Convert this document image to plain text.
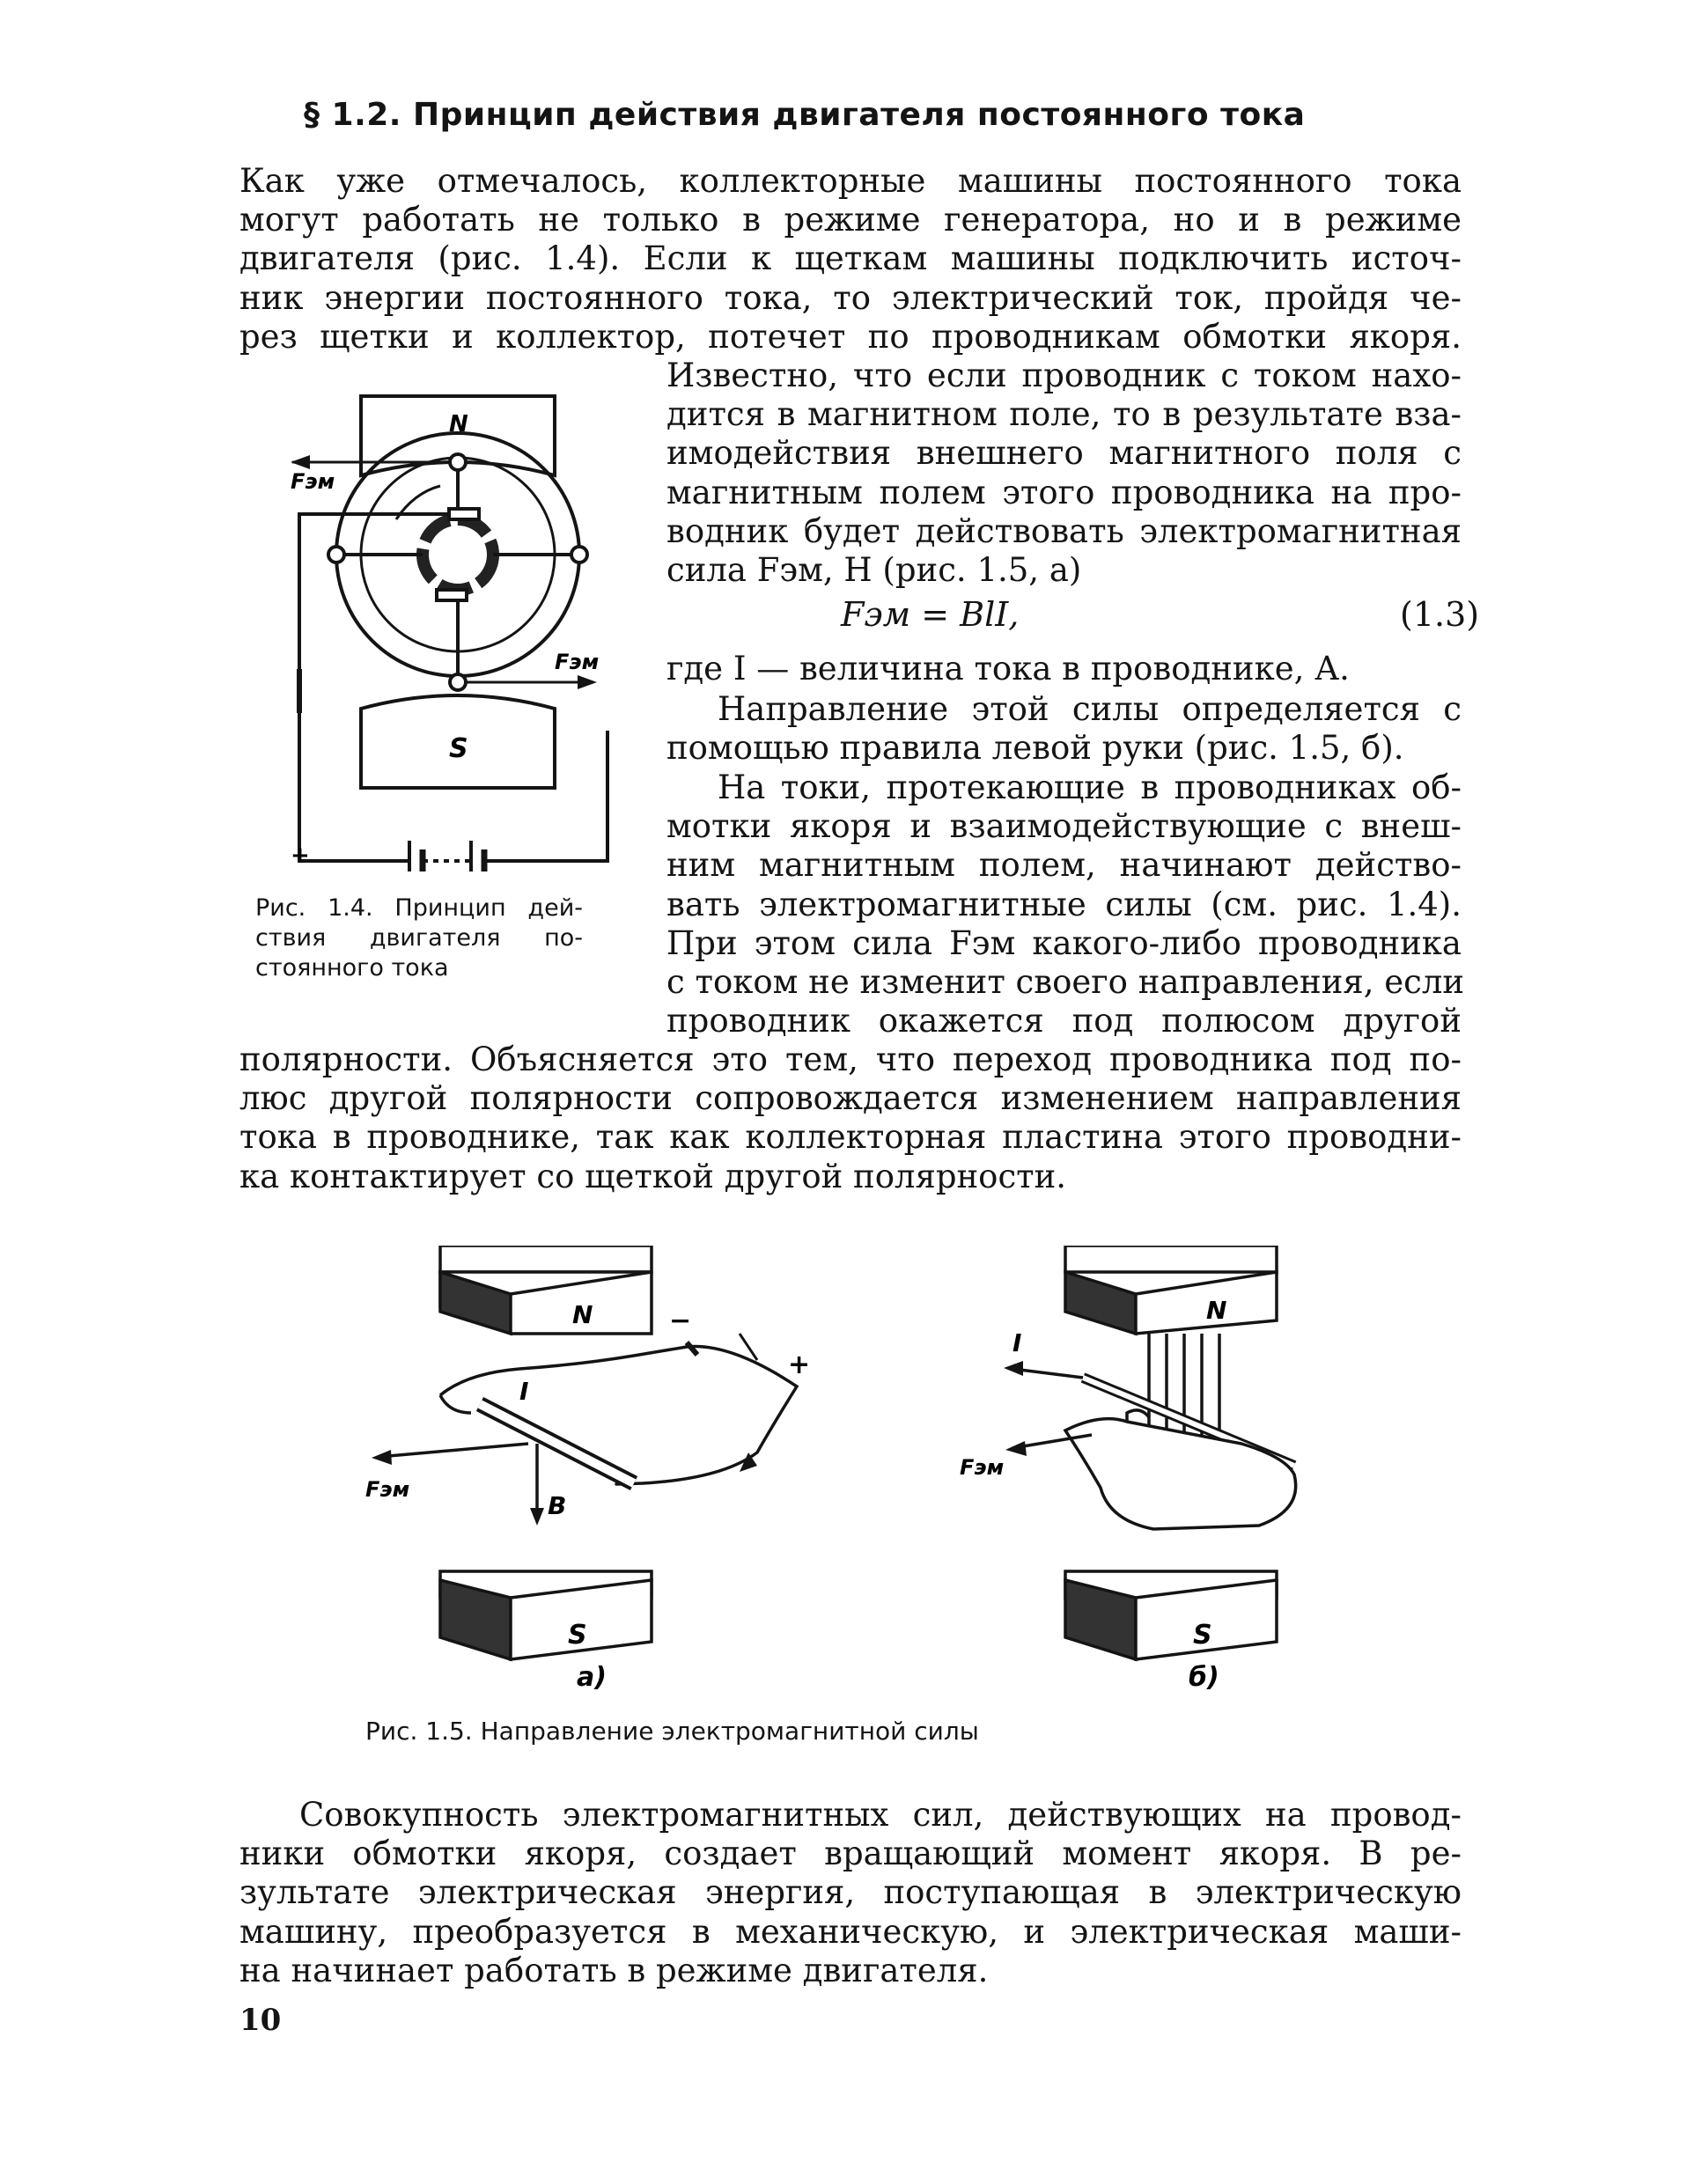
§ 1.2. Принцип действия двигателя постоянного тока
Как уже отмечалось, коллекторные машины постоянного тока
могут работать не только в режиме генератора, но и в режиме
двигателя (рис. 1.4). Если к щеткам машины подключить источ-
ник энергии постоянного тока, то электрический ток, пройдя че-
рез щетки и коллектор, потечет по проводникам обмотки якоря.
Известно, что если проводник с током нахо-
дится в магнитном поле, то в результате вза-
имодействия внешнего магнитного поля с
магнитным полем этого проводника на про-
водник будет действовать электромагнитная
сила Fэм, Н (рис. 1.5, а)
Fэм = BlI,	(1.3)
где I — величина тока в проводнике, А.
Направление этой силы определяется с
помощью правила левой руки (рис. 1.5, б).
На токи, протекающие в проводниках об-
мотки якоря и взаимодействующие с внеш-
ним магнитным полем, начинают действо-
вать электромагнитные силы (см. рис. 1.4).
При этом сила Fэм какого-либо проводника
с током не изменит своего направления, если
проводник окажется под полюсом другой
полярности. Объясняется это тем, что переход проводника под по-
люс другой полярности сопровождается изменением направления
тока в проводнике, так как коллекторная пластина этого проводни-
ка контактирует со щеткой другой полярности.
N
S
Fэм
Fэм
+
Рис. 1.4. Принцип дей-
ствия двигателя по-
стоянного тока
N
S
I
Fэм
B
−
+
а)
N
S
I
Fэм
б)
Рис. 1.5. Направление электромагнитной силы
Совокупность электромагнитных сил, действующих на провод-
ники обмотки якоря, создает вращающий момент якоря. В ре-
зультате электрическая энергия, поступающая в электрическую
машину, преобразуется в механическую, и электрическая маши-
на начинает работать в режиме двигателя.
10
